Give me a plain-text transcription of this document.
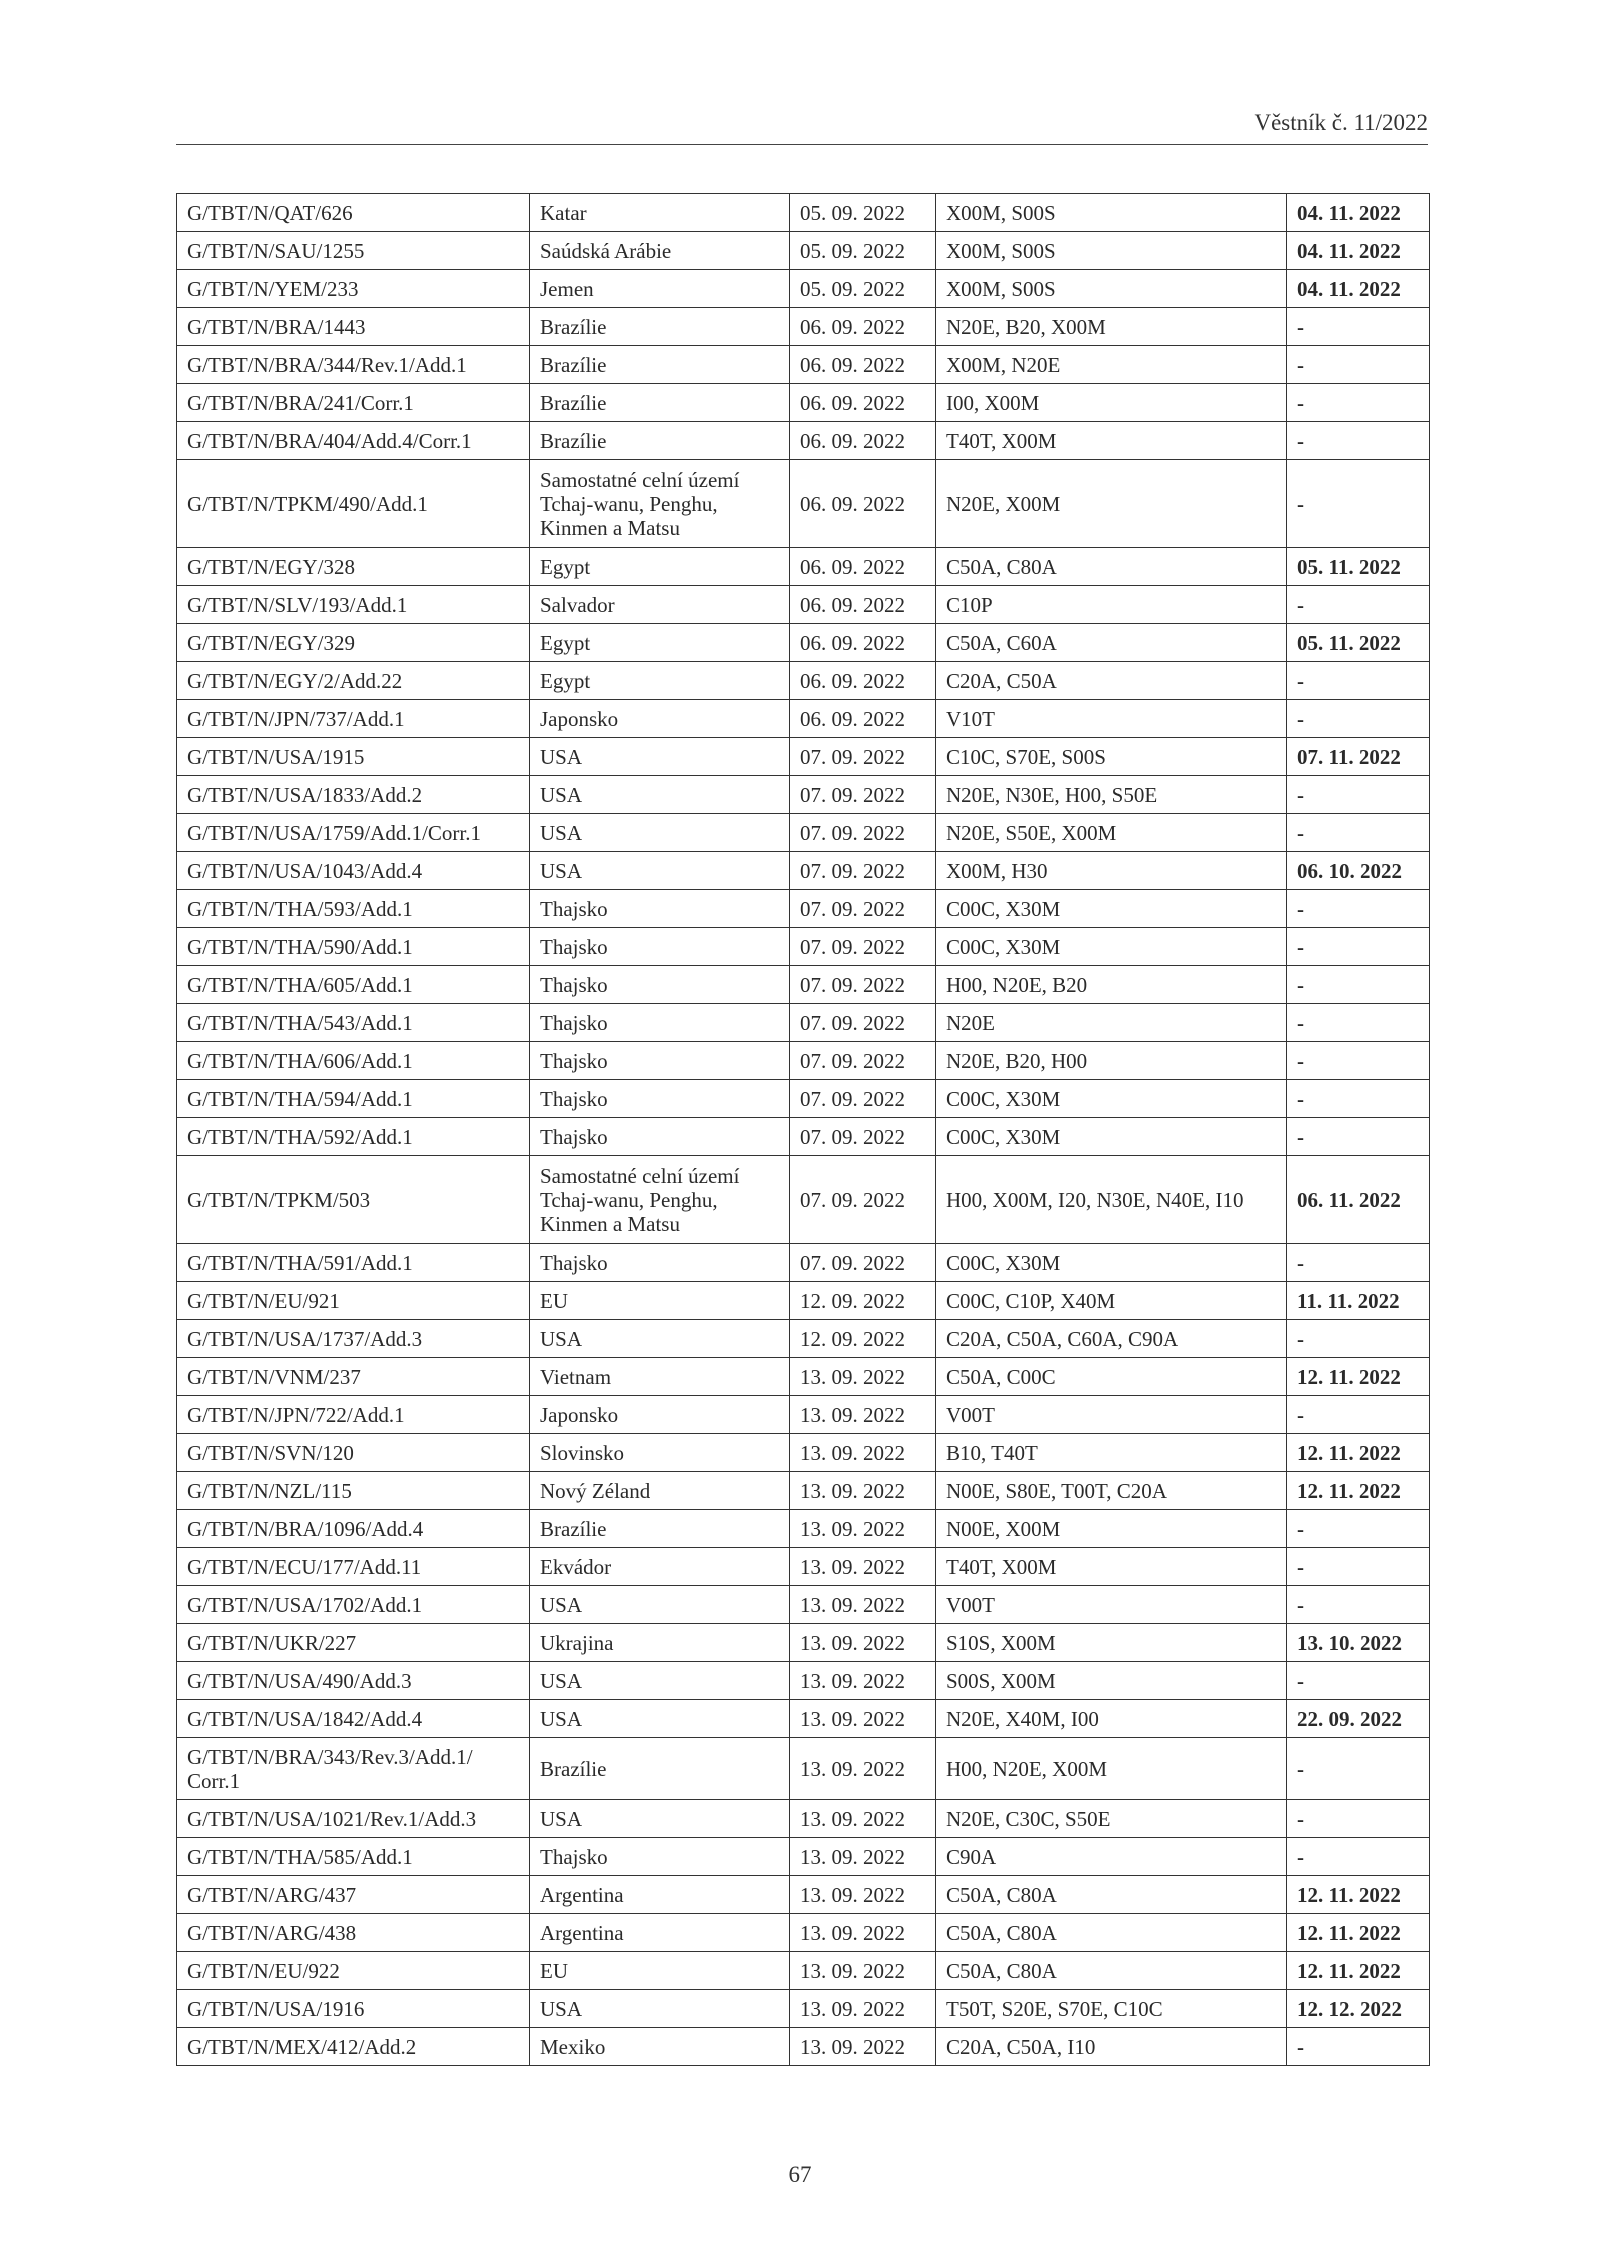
Věstník č. 11/2022
G/TBT/N/QAT/626	Katar	05. 09. 2022	X00M, S00S	04. 11. 2022
G/TBT/N/SAU/1255	Saúdská Arábie	05. 09. 2022	X00M, S00S	04. 11. 2022
G/TBT/N/YEM/233	Jemen	05. 09. 2022	X00M, S00S	04. 11. 2022
G/TBT/N/BRA/1443	Brazílie	06. 09. 2022	N20E, B20, X00M	-
G/TBT/N/BRA/344/Rev.1/Add.1	Brazílie	06. 09. 2022	X00M, N20E	-
G/TBT/N/BRA/241/Corr.1	Brazílie	06. 09. 2022	I00, X00M	-
G/TBT/N/BRA/404/Add.4/Corr.1	Brazílie	06. 09. 2022	T40T, X00M	-
G/TBT/N/TPKM/490/Add.1	Samostatné celní území Tchaj-wanu, Penghu, Kinmen a Matsu	06. 09. 2022	N20E, X00M	-
G/TBT/N/EGY/328	Egypt	06. 09. 2022	C50A, C80A	05. 11. 2022
G/TBT/N/SLV/193/Add.1	Salvador	06. 09. 2022	C10P	-
G/TBT/N/EGY/329	Egypt	06. 09. 2022	C50A, C60A	05. 11. 2022
G/TBT/N/EGY/2/Add.22	Egypt	06. 09. 2022	C20A, C50A	-
G/TBT/N/JPN/737/Add.1	Japonsko	06. 09. 2022	V10T	-
G/TBT/N/USA/1915	USA	07. 09. 2022	C10C, S70E, S00S	07. 11. 2022
G/TBT/N/USA/1833/Add.2	USA	07. 09. 2022	N20E, N30E, H00, S50E	-
G/TBT/N/USA/1759/Add.1/Corr.1	USA	07. 09. 2022	N20E, S50E, X00M	-
G/TBT/N/USA/1043/Add.4	USA	07. 09. 2022	X00M, H30	06. 10. 2022
G/TBT/N/THA/593/Add.1	Thajsko	07. 09. 2022	C00C, X30M	-
G/TBT/N/THA/590/Add.1	Thajsko	07. 09. 2022	C00C, X30M	-
G/TBT/N/THA/605/Add.1	Thajsko	07. 09. 2022	H00, N20E, B20	-
G/TBT/N/THA/543/Add.1	Thajsko	07. 09. 2022	N20E	-
G/TBT/N/THA/606/Add.1	Thajsko	07. 09. 2022	N20E, B20, H00	-
G/TBT/N/THA/594/Add.1	Thajsko	07. 09. 2022	C00C, X30M	-
G/TBT/N/THA/592/Add.1	Thajsko	07. 09. 2022	C00C, X30M	-
G/TBT/N/TPKM/503	Samostatné celní území Tchaj-wanu, Penghu, Kinmen a Matsu	07. 09. 2022	H00, X00M, I20, N30E, N40E, I10	06. 11. 2022
G/TBT/N/THA/591/Add.1	Thajsko	07. 09. 2022	C00C, X30M	-
G/TBT/N/EU/921	EU	12. 09. 2022	C00C, C10P, X40M	11. 11. 2022
G/TBT/N/USA/1737/Add.3	USA	12. 09. 2022	C20A, C50A, C60A, C90A	-
G/TBT/N/VNM/237	Vietnam	13. 09. 2022	C50A, C00C	12. 11. 2022
G/TBT/N/JPN/722/Add.1	Japonsko	13. 09. 2022	V00T	-
G/TBT/N/SVN/120	Slovinsko	13. 09. 2022	B10, T40T	12. 11. 2022
G/TBT/N/NZL/115	Nový Zéland	13. 09. 2022	N00E, S80E, T00T, C20A	12. 11. 2022
G/TBT/N/BRA/1096/Add.4	Brazílie	13. 09. 2022	N00E, X00M	-
G/TBT/N/ECU/177/Add.11	Ekvádor	13. 09. 2022	T40T, X00M	-
G/TBT/N/USA/1702/Add.1	USA	13. 09. 2022	V00T	-
G/TBT/N/UKR/227	Ukrajina	13. 09. 2022	S10S, X00M	13. 10. 2022
G/TBT/N/USA/490/Add.3	USA	13. 09. 2022	S00S, X00M	-
G/TBT/N/USA/1842/Add.4	USA	13. 09. 2022	N20E, X40M, I00	22. 09. 2022
G/TBT/N/BRA/343/Rev.3/Add.1/ Corr.1	Brazílie	13. 09. 2022	H00, N20E, X00M	-
G/TBT/N/USA/1021/Rev.1/Add.3	USA	13. 09. 2022	N20E, C30C, S50E	-
G/TBT/N/THA/585/Add.1	Thajsko	13. 09. 2022	C90A	-
G/TBT/N/ARG/437	Argentina	13. 09. 2022	C50A, C80A	12. 11. 2022
G/TBT/N/ARG/438	Argentina	13. 09. 2022	C50A, C80A	12. 11. 2022
G/TBT/N/EU/922	EU	13. 09. 2022	C50A, C80A	12. 11. 2022
G/TBT/N/USA/1916	USA	13. 09. 2022	T50T, S20E, S70E, C10C	12. 12. 2022
G/TBT/N/MEX/412/Add.2	Mexiko	13. 09. 2022	C20A, C50A, I10	-
67
